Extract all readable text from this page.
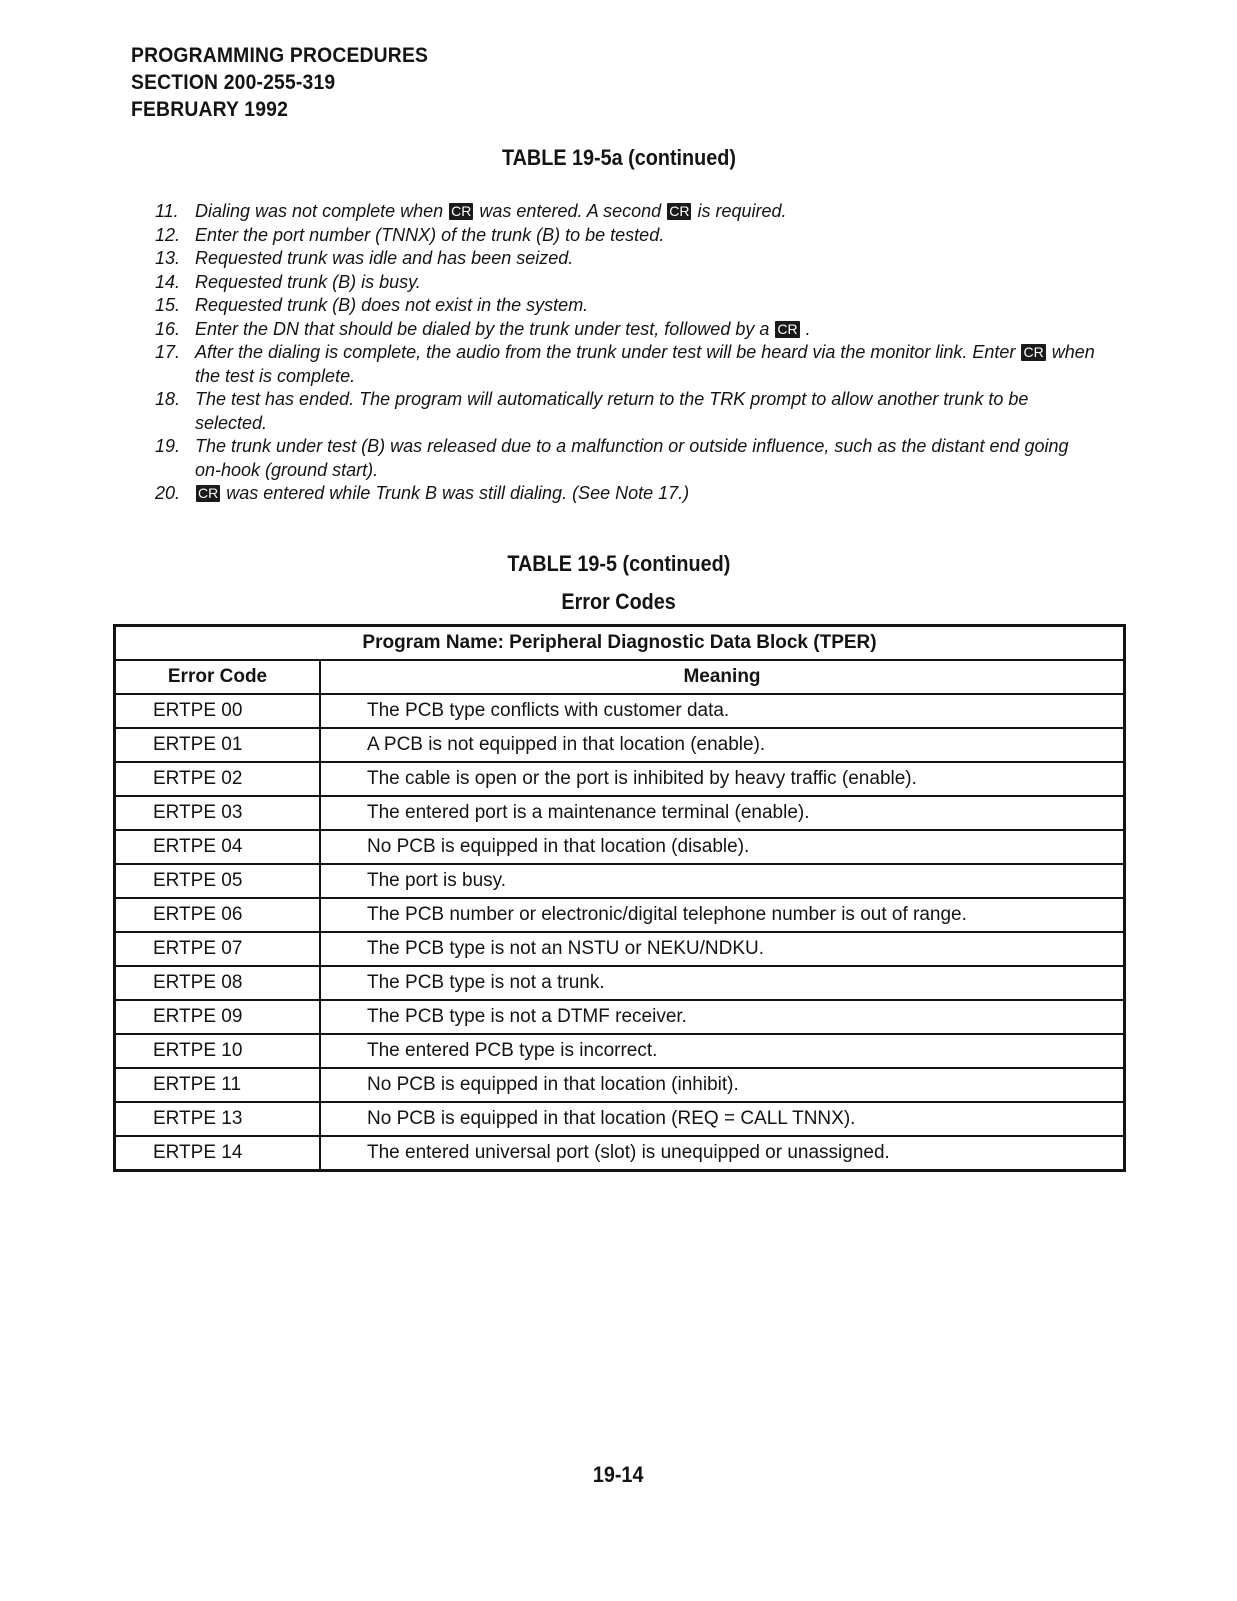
PROGRAMMING PROCEDURES
SECTION 200-255-319
FEBRUARY 1992
TABLE 19-5a (continued)
11. Dialing was not complete when CR was entered. A second CR is required.
12. Enter the port number (TNNX) of the trunk (B) to be tested.
13. Requested trunk was idle and has been seized.
14. Requested trunk (B) is busy.
15. Requested trunk (B) does not exist in the system.
16. Enter the DN that should be dialed by the trunk under test, followed by a CR .
17. After the dialing is complete, the audio from the trunk under test will be heard via the monitor link. Enter CR when the test is complete.
18. The test has ended. The program will automatically return to the TRK prompt to allow another trunk to be selected.
19. The trunk under test (B) was released due to a malfunction or outside influence, such as the distant end going on-hook (ground start).
20. CR was entered while Trunk B was still dialing. (See Note 17.)
TABLE 19-5 (continued)
Error Codes
Program Name: Peripheral Diagnostic Data Block (TPER)	
Error Code	Meaning
ERTPE 00	The PCB type conflicts with customer data.
ERTPE 01	A PCB is not equipped in that location (enable).
ERTPE 02	The cable is open or the port is inhibited by heavy traffic (enable).
ERTPE 03	The entered port is a maintenance terminal (enable).
ERTPE 04	No PCB is equipped in that location (disable).
ERTPE 05	The port is busy.
ERTPE 06	The PCB number or electronic/digital telephone number is out of range.
ERTPE 07	The PCB type is not an NSTU or NEKU/NDKU.
ERTPE 08	The PCB type is not a trunk.
ERTPE 09	The PCB type is not a DTMF receiver.
ERTPE 10	The entered PCB type is incorrect.
ERTPE 11	No PCB is equipped in that location (inhibit).
ERTPE 13	No PCB is equipped in that location (REQ = CALL TNNX).
ERTPE 14	The entered universal port (slot) is unequipped or unassigned.
19-14
